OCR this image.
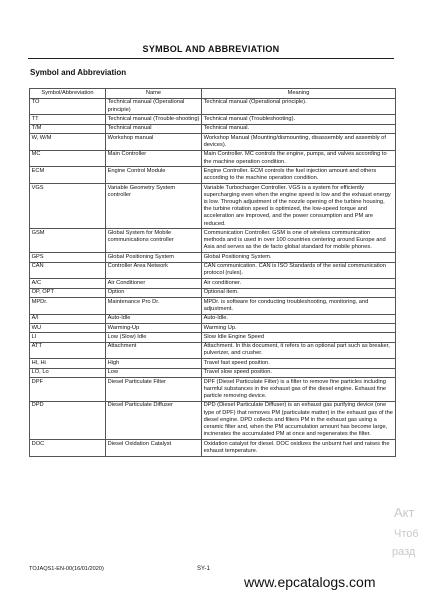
SYMBOL AND ABBREVIATION
Symbol and Abbreviation
Symbol/Abbreviation	Name	Meaning
TO	Technical manual (Operational principle)	Technical manual (Operational principle).
TT	Technical manual (Trouble-shooting)	Technical manual (Troubleshooting).
T/M	Technical manual	Technical manual.
W, W/M	Workshop manual	Workshop Manual (Mounting/dismounting, disassembly and assembly of devices).
MC	Main Controller	Main Controller. MC controls the engine, pumps, and valves according to the machine operation condition.
ECM	Engine Control Module	Engine Controller. ECM controls the fuel injection amount and others according to the machine operation condition.
VGS	Variable Geometry System controller	Variable Turbocharger Controller. VGS is a system for efficiently supercharging even when the engine speed is low and the exhaust energy is low. Through adjustment of the nozzle opening of the turbine housing, the turbine rotation speed is optimized, the low-speed torque and acceleration are improved, and the power consumption and PM are reduced.
GSM	Global System for Mobile communications controller	Communication Controller. GSM is one of wireless communication methods and is used in over 100 countries centering around Europe and Asia and serves as the de facto global standard for mobile phones.
GPS	Global Positioning System	Global Positioning System.
CAN	Controller Area Network	CAN communication. CAN is ISO Standards of the serial communication protocol (rules).
A/C	Air Conditioner	Air conditioner.
OP, OPT	Option	Optional item.
MPDr.	Maintenance Pro Dr.	MPDr. is software for conducting troubleshooting, monitoring, and adjustment.
A/I	Auto-Idle	Auto-Idle.
WU	Warming-Up	Warming Up.
LI	Low (Slow) Idle	Slow Idle Engine Speed
ATT	Attachment	Attachment. In this document, it refers to an optional part such as breaker, pulverizer, and crusher.
HI, Hi	High	Travel fast speed position.
LO, Lo	Low	Travel slow speed position.
DPF	Diesel Particulate Filter	DPF (Diesel Particulate Filter) is a filter to remove fine particles including harmful substances in the exhaust gas of the diesel engine. Exhaust fine particle removing device.
DPD	Diesel Particulate Diffuser	DPD (Diesel Particulate Diffuser) is an exhaust gas purifying device (one type of DPF) that removes PM (particulate matter) in the exhaust gas of the diesel engine. DPD collects and filters PM in the exhaust gas using a ceramic filter and, when the PM accumulation amount has become large, incinerates the accumulated PM at once and regenerates the filter.
DOC	Diesel Oxidation Catalyst	Oxidation catalyst for diesel. DOC oxidizes the unburnt fuel and raises the exhaust temperature.
TOJAQS1-EN-00(16/01/2020)	SY-1
www.epcatalogs.com
Акт
Что6
разд
